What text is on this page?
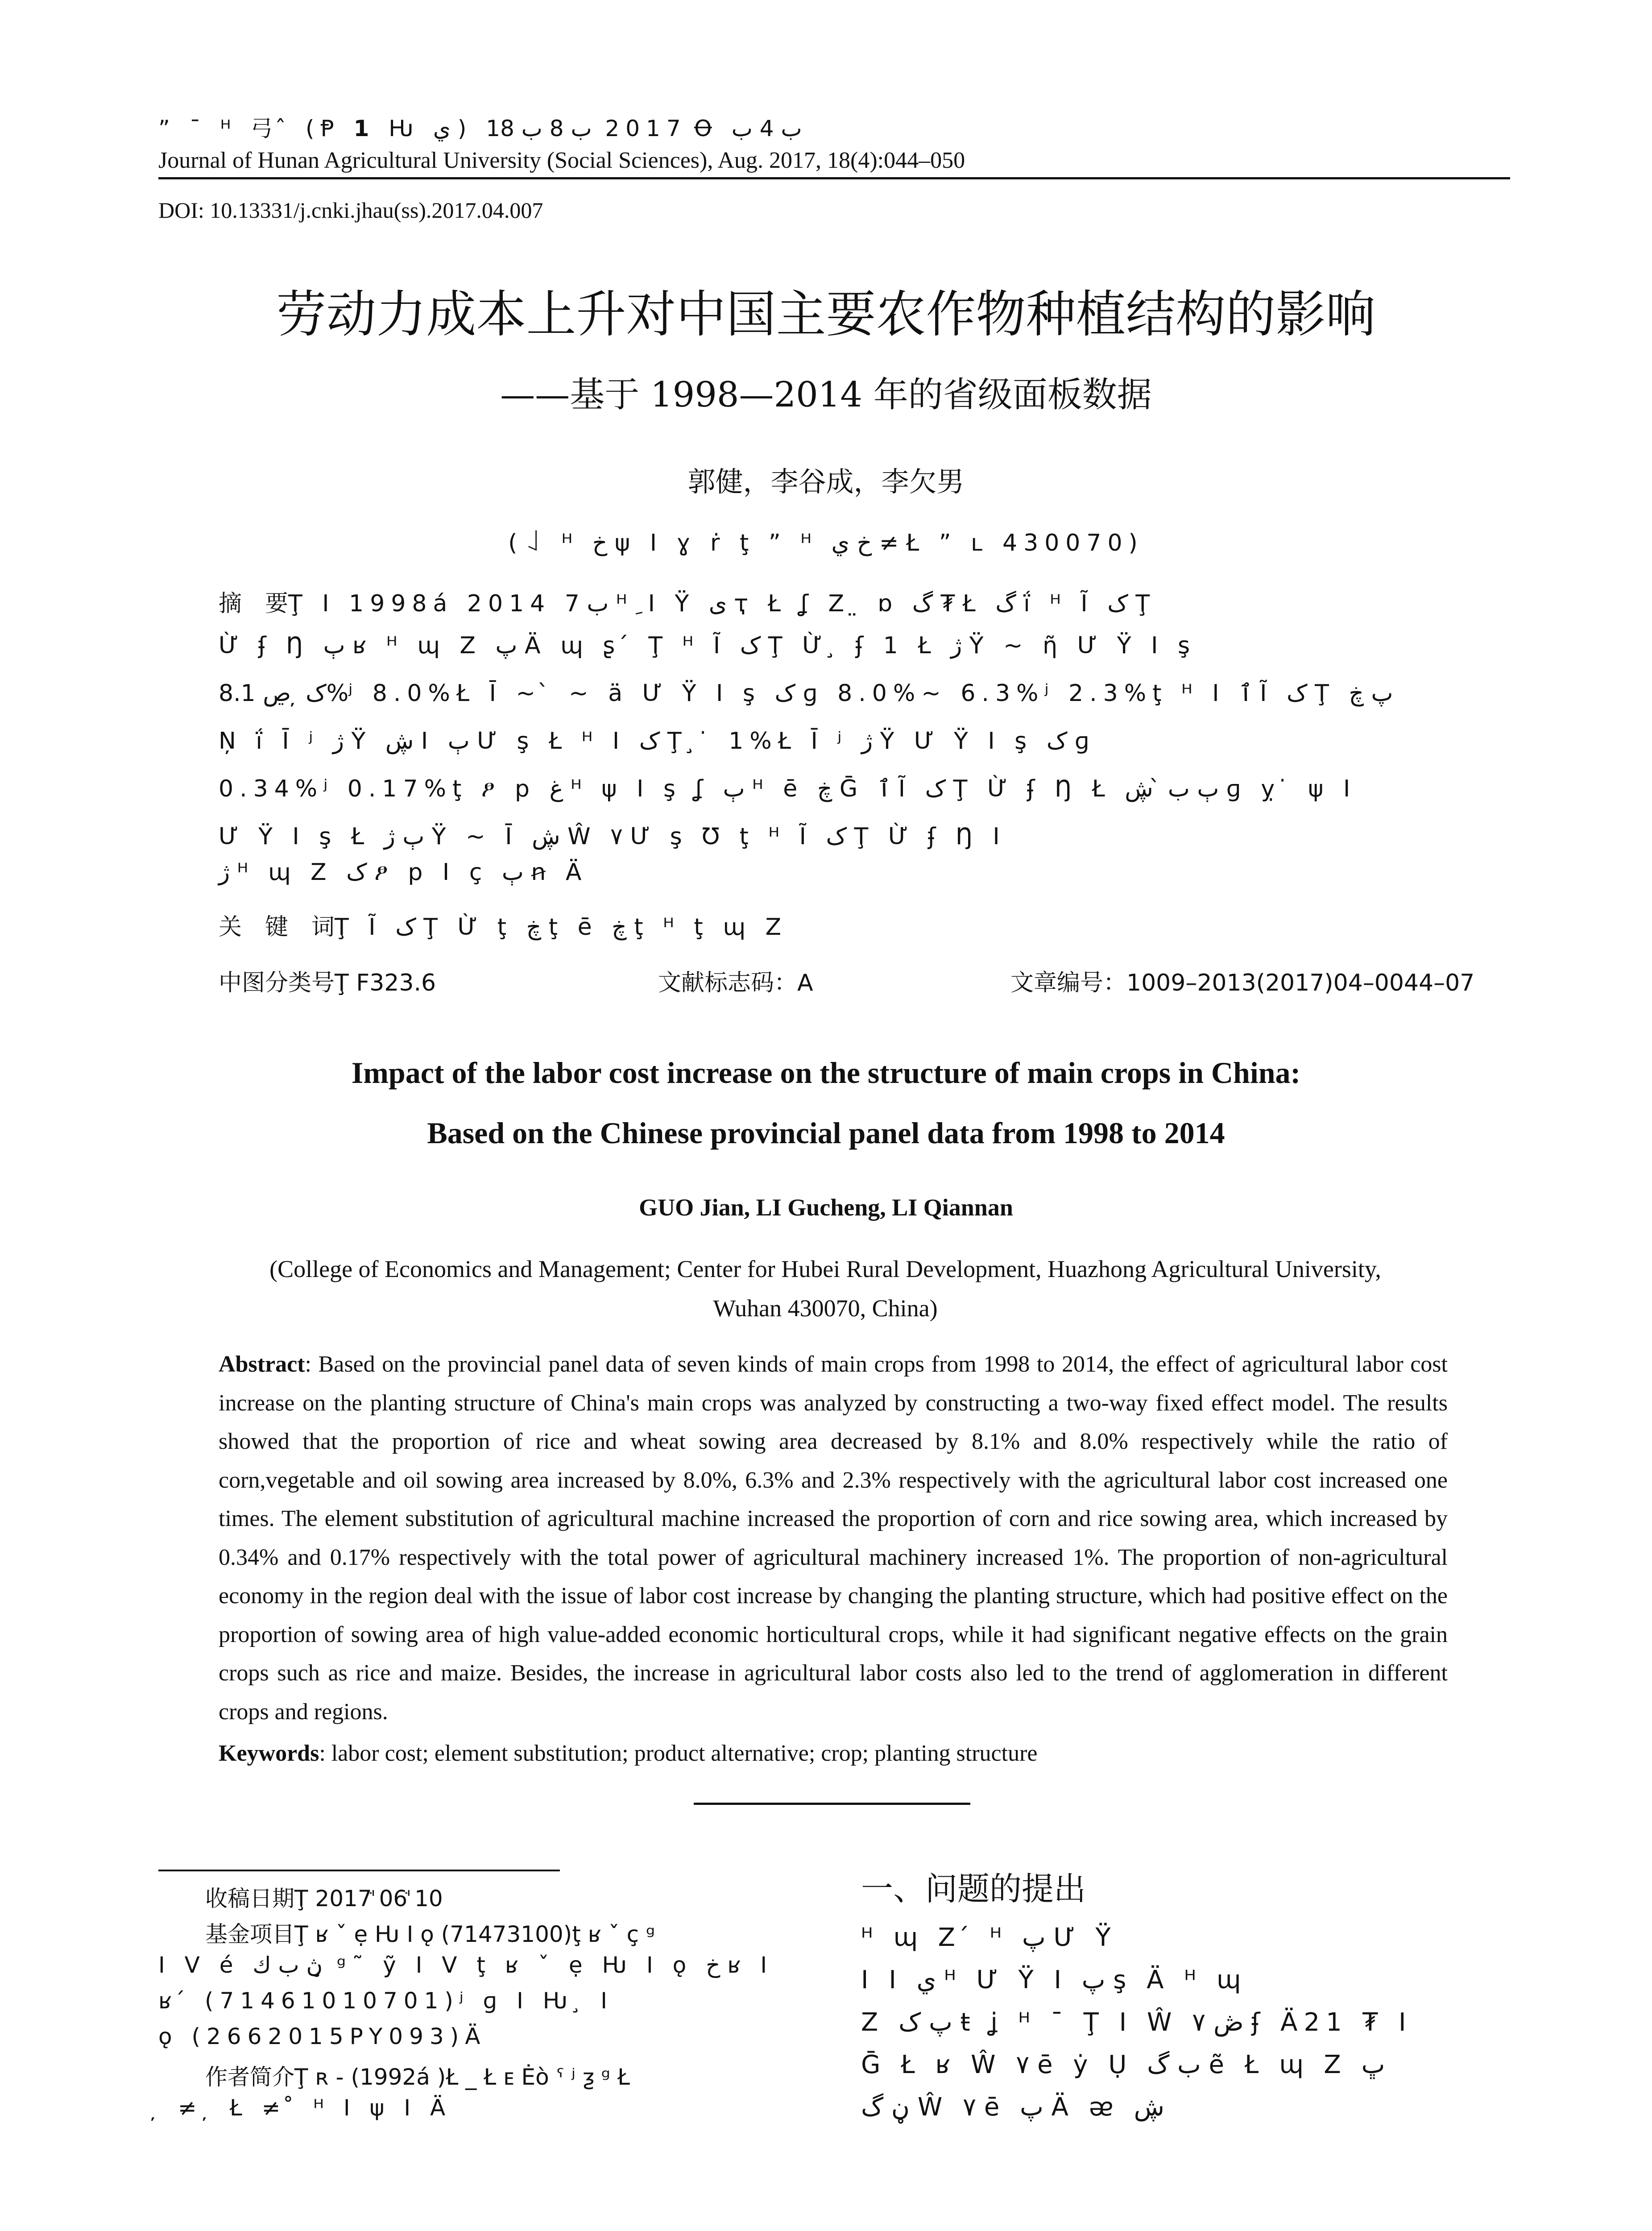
” ¯ ᴴ ⼸ ̂ (Ᵽ 𝟭 Ƕ ي ) 2017 ب 8 ب 18 Ꝋ ب 4 ب
Journal of Hunan Agricultural University (Social Sciences), Aug. 2017, 18(4):044–050
DOI: 10.13331/j.cnki.jhau(ss).2017.04.007
劳动力成本上升对中国主要农作物种植结构的影响
——基于 1998—2014 年的省级面板数据
郭健，李谷成，李欠男
(꒑ ᴴ خ ψ ꓲ ɣ ṙ ţ ” ᴴ خ ي ≠ Ł ” ʟ 430070)
摘　要Ţ ꓲ 1998á 2014 ب 7 ᴴ ِ ꓲ Ÿ ی ҭ Ł ʆ Z ̤ ɒ گ ₮ Ł گ ḯ ᴴ Ĩ ک Ţ
Ừ ʄ Ŋ ٻ ʁ ᴴ ɰ Z پ Ä ɰ ʂ ́ Ţ ᴴ Ĩ ک Ţ Ừ ̧ ʄ 1 Ł ژ Ÿ ~ ῆ Ư Ÿ ꓲ ş
ک ̦ ڝ 8.1%ʲ 8.0%Ł Ī ~ ̀ ~ ä Ư Ÿ ꓲ ş ک ɡ 8.0%~ 6.3%ʲ 2.3%ţ ᴴ ꓲ ٱ Ĩ ک Ţ پ ڿ
Ņ ḯ Ī ʲ ژ Ÿ ڜ ꓲ ٻ Ư ş Ł ᴴ ꓲ ک Ţ ̧ ̇ 1%Ł Ī ʲ ژ Ÿ Ư Ÿ ꓲ ş ک ɡ
0.34%ʲ 0.17%ţ ፆ p غ ᴴ ψ ꓲ ş ʆ ٻ ᴴ ē ڿ Ḡ ٱ Ĩ ک Ţ Ừ ʄ Ŋ Ł ٻ ب ̀ ڜ ɡ ỵ ̇ ψ ꓲ
Ư Ÿ ꓲ ş Ł ٻ ژ Ÿ ~ Ī ڜ Ŵ ۷ Ư ş Ʊ ţ ᴴ Ĩ ک Ţ Ừ ʄ Ŋ ꓲ
ژ ᴴ ɰ Z ک ፆ p ꓲ ç ٻ ꞥ Ä
关　键　词Ţ Ĩ ک Ţ Ừ ţ ڿ ţ ē ڿ ţ ᴴ ţ ɰ Z
中图分类号Ţ F323.6	文献标志码：A	文章编号：1009–2013(2017)04–0044–07
Impact of the labor cost increase on the structure of main crops in China:
Based on the Chinese provincial panel data from 1998 to 2014
GUO Jian, LI Gucheng, LI Qiannan
(College of Economics and Management; Center for Hubei Rural Development, Huazhong Agricultural University,
Wuhan 430070, China)
Abstract: Based on the provincial panel data of seven kinds of main crops from 1998 to 2014, the effect of agricultural labor cost increase on the planting structure of China's main crops was analyzed by constructing a two-way fixed effect model. The results showed that the proportion of rice and wheat sowing area decreased by 8.1% and 8.0% respectively while the ratio of corn,vegetable and oil sowing area increased by 8.0%, 6.3% and 2.3% respectively with the agricultural labor cost increased one times. The element substitution of agricultural machine increased the proportion of corn and rice sowing area, which increased by 0.34% and 0.17% respectively with the total power of agricultural machinery increased 1%. The proportion of non-agricultural economy in the region deal with the issue of labor cost increase by changing the planting structure, which had positive effect on the proportion of sowing area of high value-added economic horticultural crops, while it had significant negative effects on the grain crops such as rice and maize. Besides, the increase in agricultural labor costs also led to the trend of agglomeration in different crops and regions.
Keywords: labor cost; element substitution; product alternative; crop; planting structure
收稿日期Ţ 2017ꜗ 06ꜗ 10
基金项目Ţ ʁ ˇ ẹ Ƕ ꓲ ǫ (71473100)ţ ʁ ˇ ç ᵍ
ꓲ ꓦ é ڽ ب ك ̧ ᵍ˜ ỹ ꓲ ꓦ ţ ʁ ˇ ẹ Ƕ ꓲ ǫ خ ʁ ꓲ
ʁ ́ (71461010701)ʲ ɡ ꓲ Ƕ ̧ ꓲ
ǫ (2662015PY093)Ä
作者简介Ţ ʀ ‐ (1992á )Ł _ Ł ᴇ Ėὸ ˤ ʲ ƺ ᵍ Ł
̦ ≠ ̦ Ł ≠ ̊ ᴴ ꓲ ψ ꓲ Ä
一、问题的提出
ᴴ ɰ Z ́ ᴴ پ Ư Ÿ
ꓲ ꓲ ي ᴴ Ư Ÿ ꓲ پ ş Ä ᴴ ɰ
Z پ ک ŧ ʝ ᴴ ¯ Ţ ꓲ Ŵ ۷ ڞ ʄ Ä21 ₮ ꓲ
Ḡ Ł ʁ Ŵ ۷ ē ẏ Ụ ب گ ẽ Ł ɰ Z ڀ
ڼ گ Ŵ ۷ ē پ Ä ᴂ ڜ
